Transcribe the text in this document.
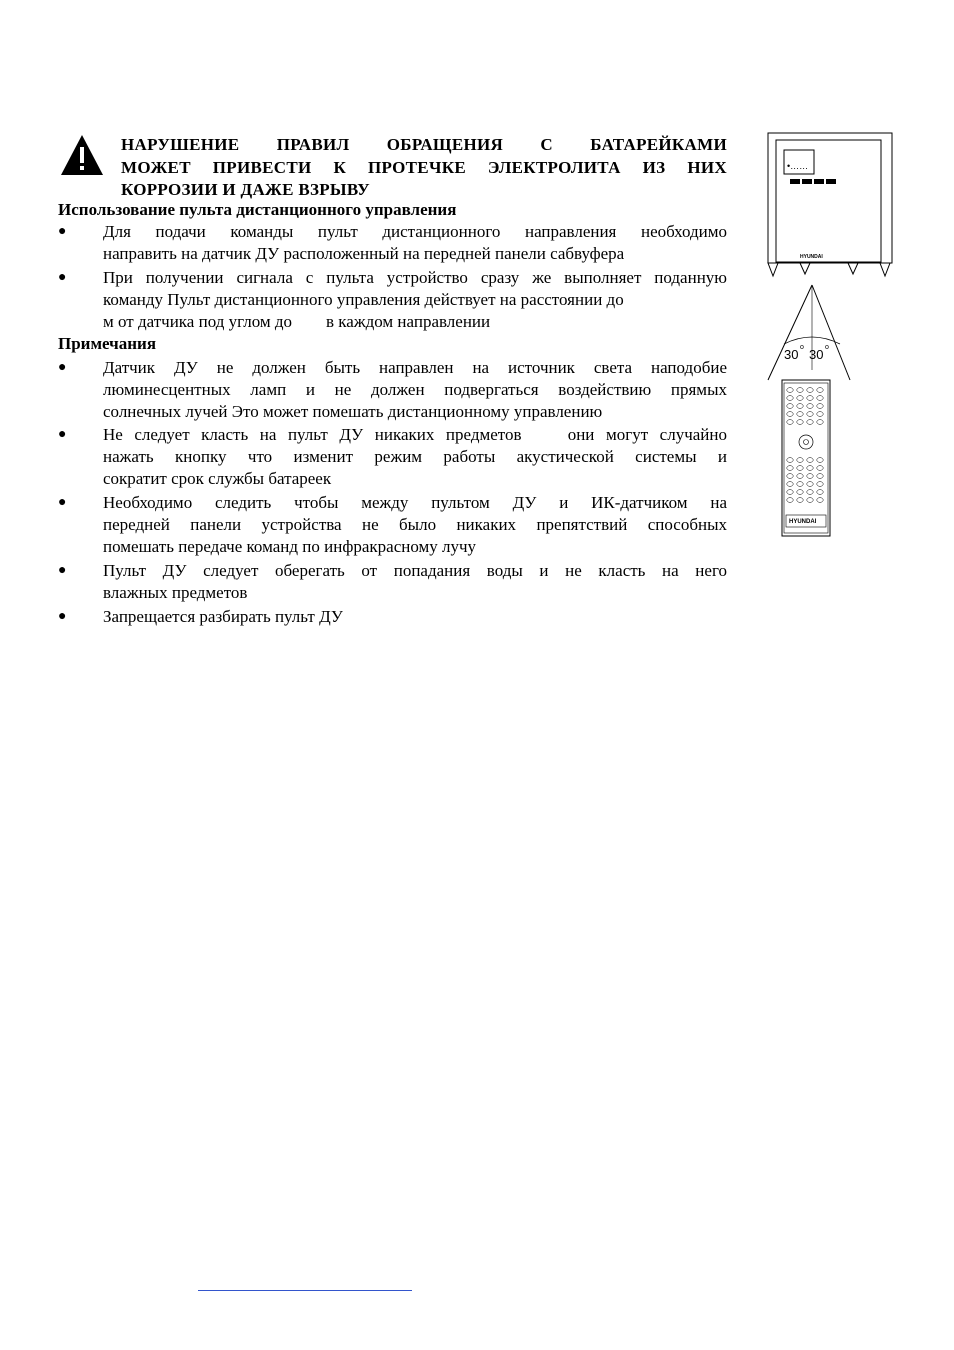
НАРУШЕНИЕ ПРАВИЛ ОБРАЩЕНИЯ С БАТАРЕЙКАМИ
МОЖЕТ ПРИВЕСТИ К ПРОТЕЧКЕ ЭЛЕКТРОЛИТА ИЗ НИХ
КОРРОЗИИ И ДАЖЕ ВЗРЫВУ
Использование пульта дистанционного управления
● Для подачи команды пульт дистанционного направления необходимо
направить на датчик ДУ расположенный на передней панели сабвуфера
● При получении сигнала с пульта устройство сразу же выполняет поданную
команду Пульт дистанционного управления действует на расстоянии до
м от датчика под углом до        в каждом направлении
Примечания
● Датчик ДУ не должен быть направлен на источник света наподобие
люминесцентных ламп и не должен подвергаться воздействию прямых
солнечных лучей Это может помешать дистанционному управлению
● Не следует класть на пульт ДУ никаких предметов    они могут случайно
нажать кнопку что изменит режим работы акустической системы и
сократит срок службы батареек
● Необходимо следить чтобы между пультом ДУ и ИК-датчиком на
передней панели устройства не было никаких препятствий способных
помешать передаче команд по инфракрасному лучу
● Пульт ДУ следует оберегать от попадания воды и не класть на него
влажных предметов
● Запрещается разбирать пульт ДУ
•……
HYUNDAI
30 o 30 o
HYUNDAI
